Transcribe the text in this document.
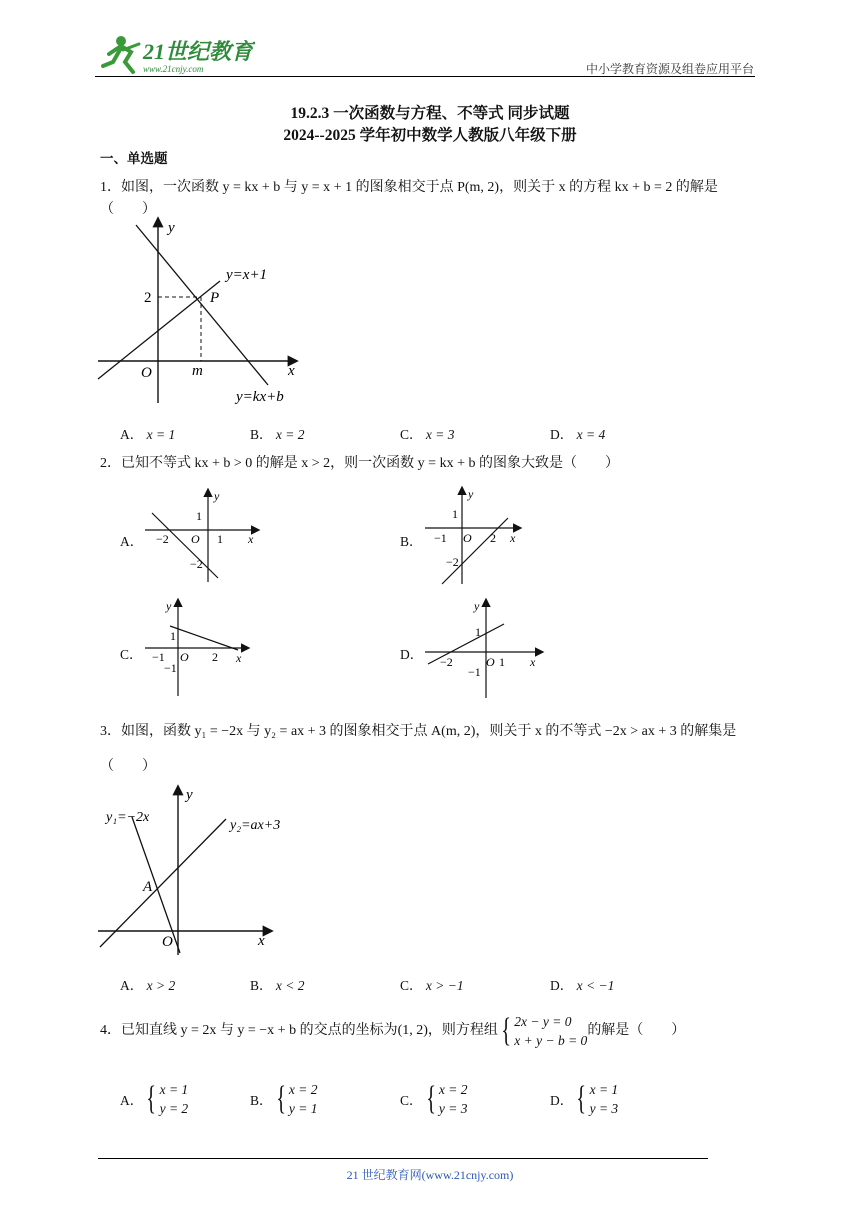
21世纪教育
www.21cnjy.com	中小学教育资源及组卷应用平台
19.2.3 一次函数与方程、不等式 同步试题
2024--2025 学年初中数学人教版八年级下册
一、单选题
1．如图，一次函数 y = kx + b 与 y = x + 1 的图象相交于点 P(m, 2)，则关于 x 的方程 kx + b = 2 的解是（　　）
y
x
O
2
m
P
y=x+1
y=kx+b
A． x = 1	B． x = 2	C． x = 3	D． x = 4
2．已知不等式 kx + b > 0 的解是 x > 2，则一次函数 y = kx + b 的图象大致是（　　）
A．
y
x
−2 O 1
1
−2
B．
y
x
−1 O 2
1
−2
C．
y
x
−1 O 2
1
−1
D．
y
x
−2	O 1
1
−1
3．如图，函数 y₁ = −2x 与 y₂ = ax + 3 的图象相交于点 A(m, 2)，则关于 x 的不等式 −2x > ax + 3 的解集是
（　　）
y
x
O
A
y₁=−2x
y₂=ax+3
A． x > 2	B． x < 2	C． x > −1	D． x < −1
4．已知直线 y = 2x 与 y = −x + b 的交点的坐标为(1, 2)，则方程组{ 2x − y = 0
x + y − b = 0的解是（　　）
A．{ x = 1
y = 2
B．{ x = 2
y = 1
C．{ x = 2
y = 3
D．{ x = 1
y = 3
21 世纪教育网(www.21cnjy.com)
